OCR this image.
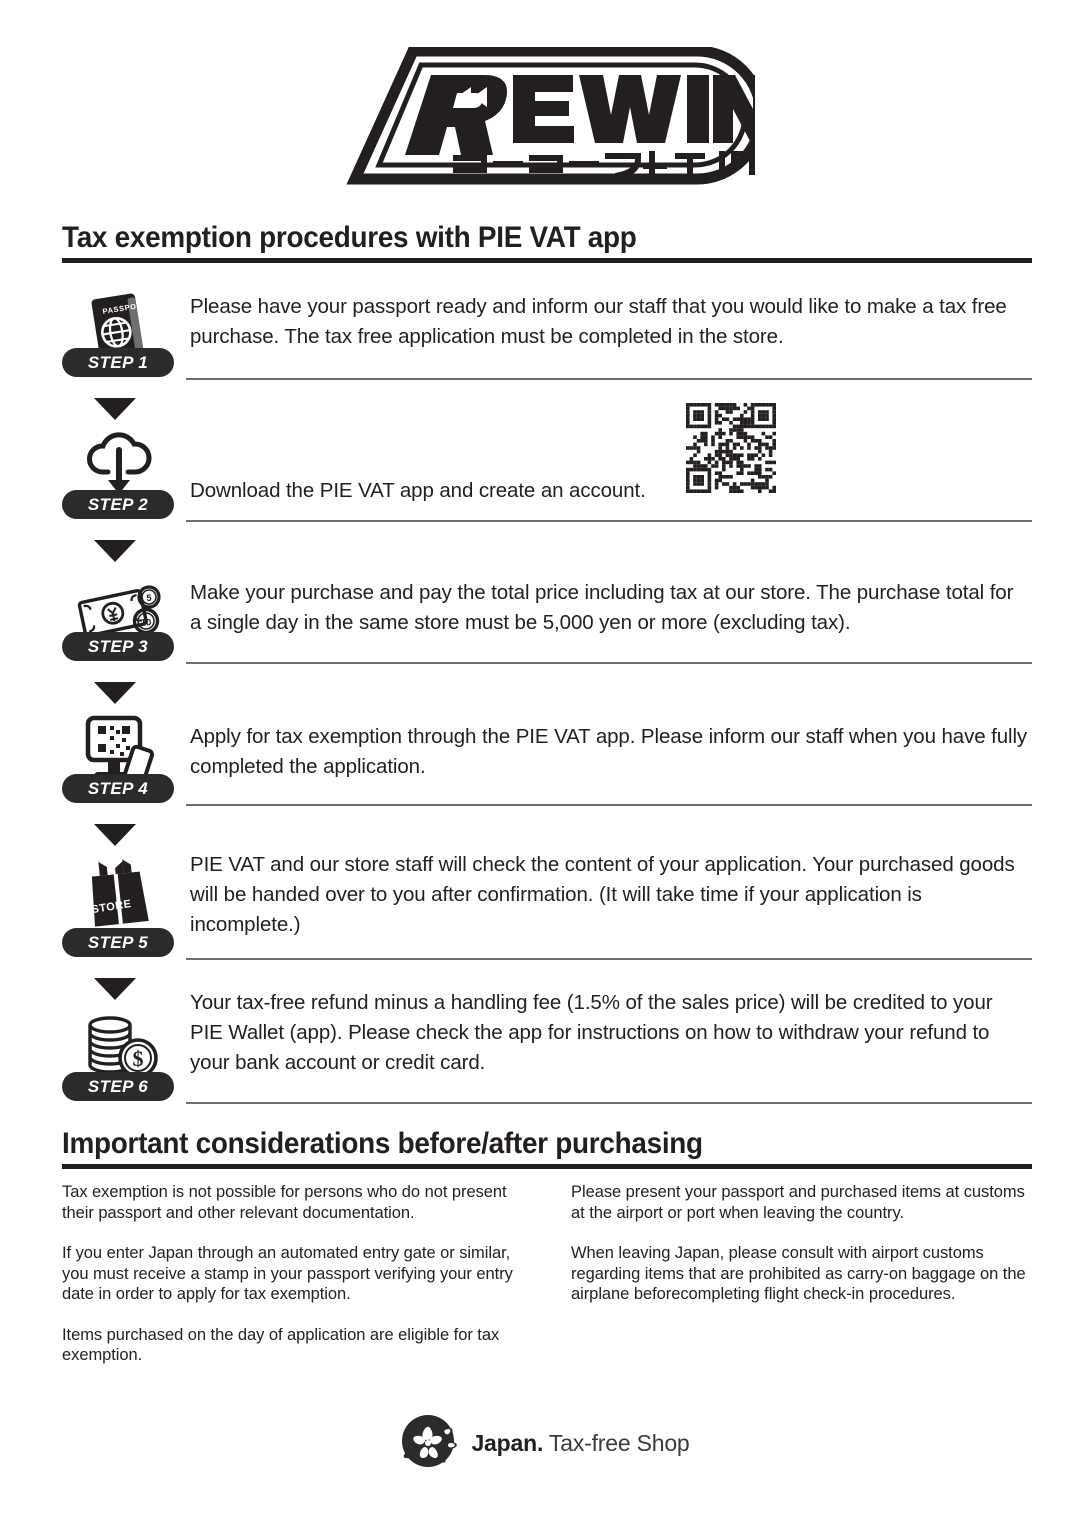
Tax exemption procedures with PIE VAT app
PASSPORT
STEP 1
Please have your passport ready and inform our staff that you would like to make a tax free purchase. The tax free application must be completed in the store.
STEP 2
Download the PIE VAT app and create an account.
5
10
STEP 3
Make your purchase and pay the total price including tax at our store. The purchase total for a single day in the same store must be 5,000 yen or more (excluding tax).
STEP 4
Apply for tax exemption through the PIE VAT app. Please inform our staff when you have fully completed the application.
STORE
STEP 5
PIE VAT and our store staff will check the content of your application. Your purchased goods will be handed over to you after confirmation. (It will take time if your application is incomplete.)
$
STEP 6
Your tax-free refund minus a handling fee (1.5% of the sales price) will be credited to your PIE Wallet (app). Please check the app for instructions on how to withdraw your refund to your bank account or credit card.
Important considerations before/after purchasing

Tax exemption is not possible for persons who do not present their passport and other relevant documentation.

If you enter Japan through an automated entry gate or similar, you must receive a stamp in your passport verifying your entry date in order to apply for tax exemption.

Items purchased on the day of application are eligible for tax exemption.

Please present your passport and purchased items at customs at the airport or port when leaving the country.

When leaving Japan, please consult with airport customs regarding items that are prohibited as carry-on baggage on the airplane beforecompleting flight check-in procedures.

Japan. Tax-free Shop
